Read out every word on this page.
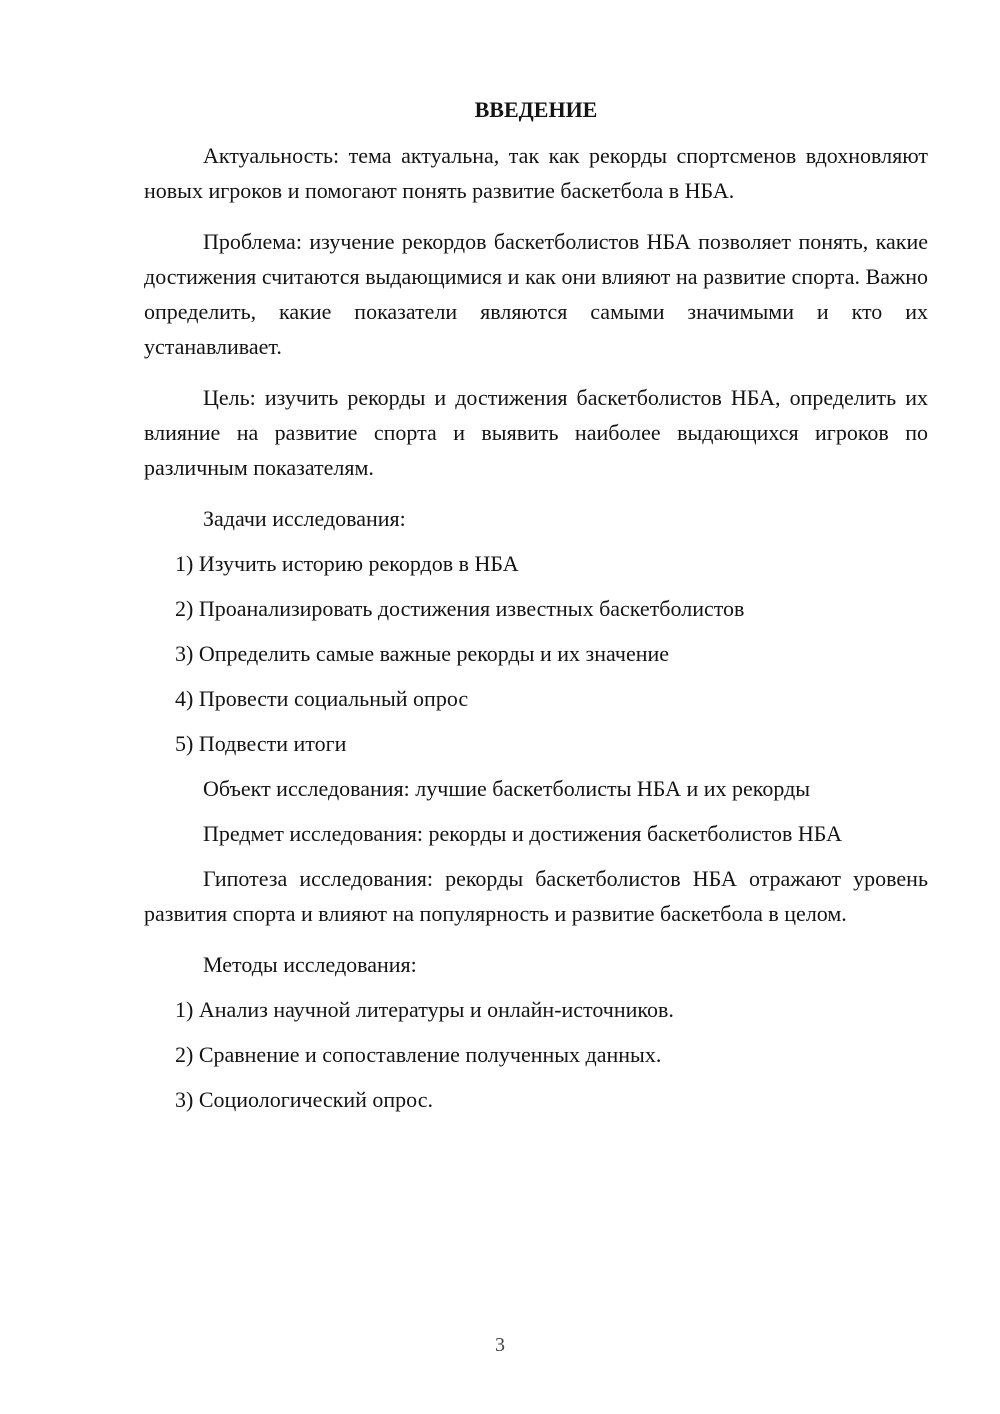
ВВЕДЕНИЕ

Актуальность: тема актуальна, так как рекорды спортсменов вдохновляют новых игроков и помогают понять развитие баскетбола в НБА.

Проблема: изучение рекордов баскетболистов НБА позволяет понять, какие достижения считаются выдающимися и как они влияют на развитие спорта. Важно определить, какие показатели являются самыми значимыми и кто их устанавливает.

Цель: изучить рекорды и достижения баскетболистов НБА, определить их влияние на развитие спорта и выявить наиболее выдающихся игроков по различным показателям.

Задачи исследования:

1) Изучить историю рекордов в НБА

2) Проанализировать достижения известных баскетболистов

3) Определить самые важные рекорды и их значение

4) Провести социальный опрос

5) Подвести итоги

Объект исследования: лучшие баскетболисты НБА и их рекорды

Предмет исследования: рекорды и достижения баскетболистов НБА

Гипотеза исследования: рекорды баскетболистов НБА отражают уровень развития спорта и влияют на популярность и развитие баскетбола в целом.

Методы исследования:

1) Анализ научной литературы и онлайн-источников.

2) Сравнение и сопоставление полученных данных.

3) Социологический опрос.

3
